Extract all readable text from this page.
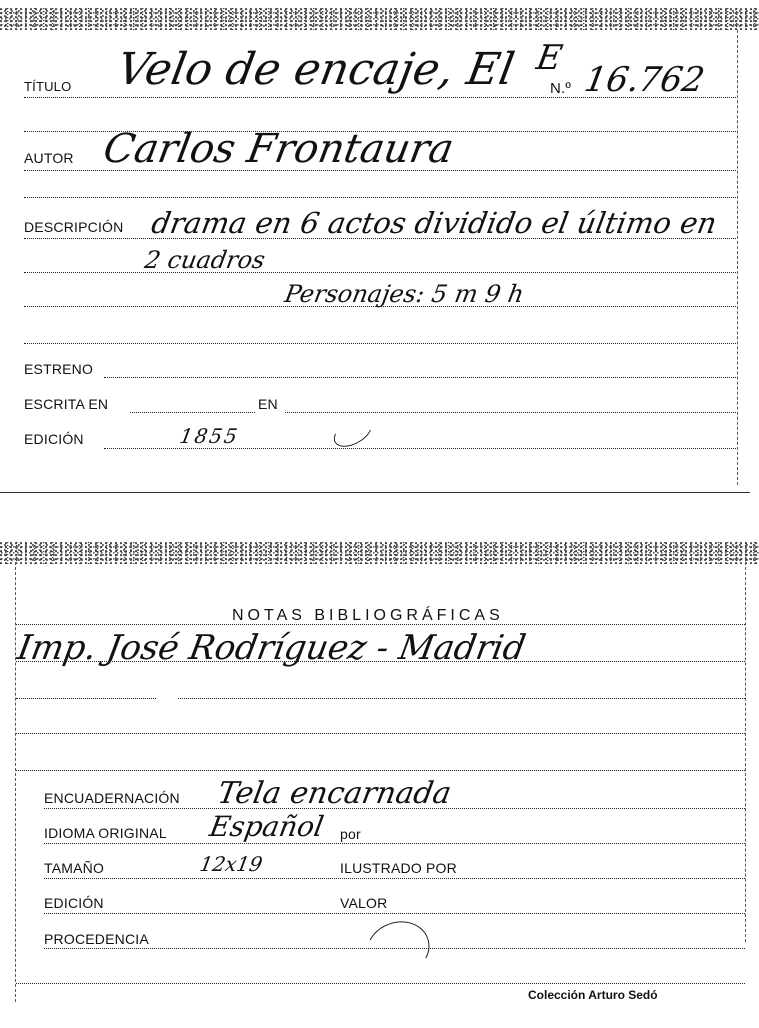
TÍTULO Velo de encaje, El E
N.º 16.762
AUTOR Carlos Frontaura
DESCRIPCIÓN drama en 6 actos dividido el último en
2 cuadros
Personajes: 5 m 9 h
ESTRENO
ESCRITA EN	EN
EDICIÓN	1855
NOTAS BIBLIOGRÁFICAS
Imp. José Rodríguez - Madrid
ENCUADERNACIÓN Tela encarnada
IDIOMA ORIGINAL Español por
TAMAÑO	12x19	ILUSTRADO POR
EDICIÓN	VALOR
PROCEDENCIA
Colección Arturo Sedó
